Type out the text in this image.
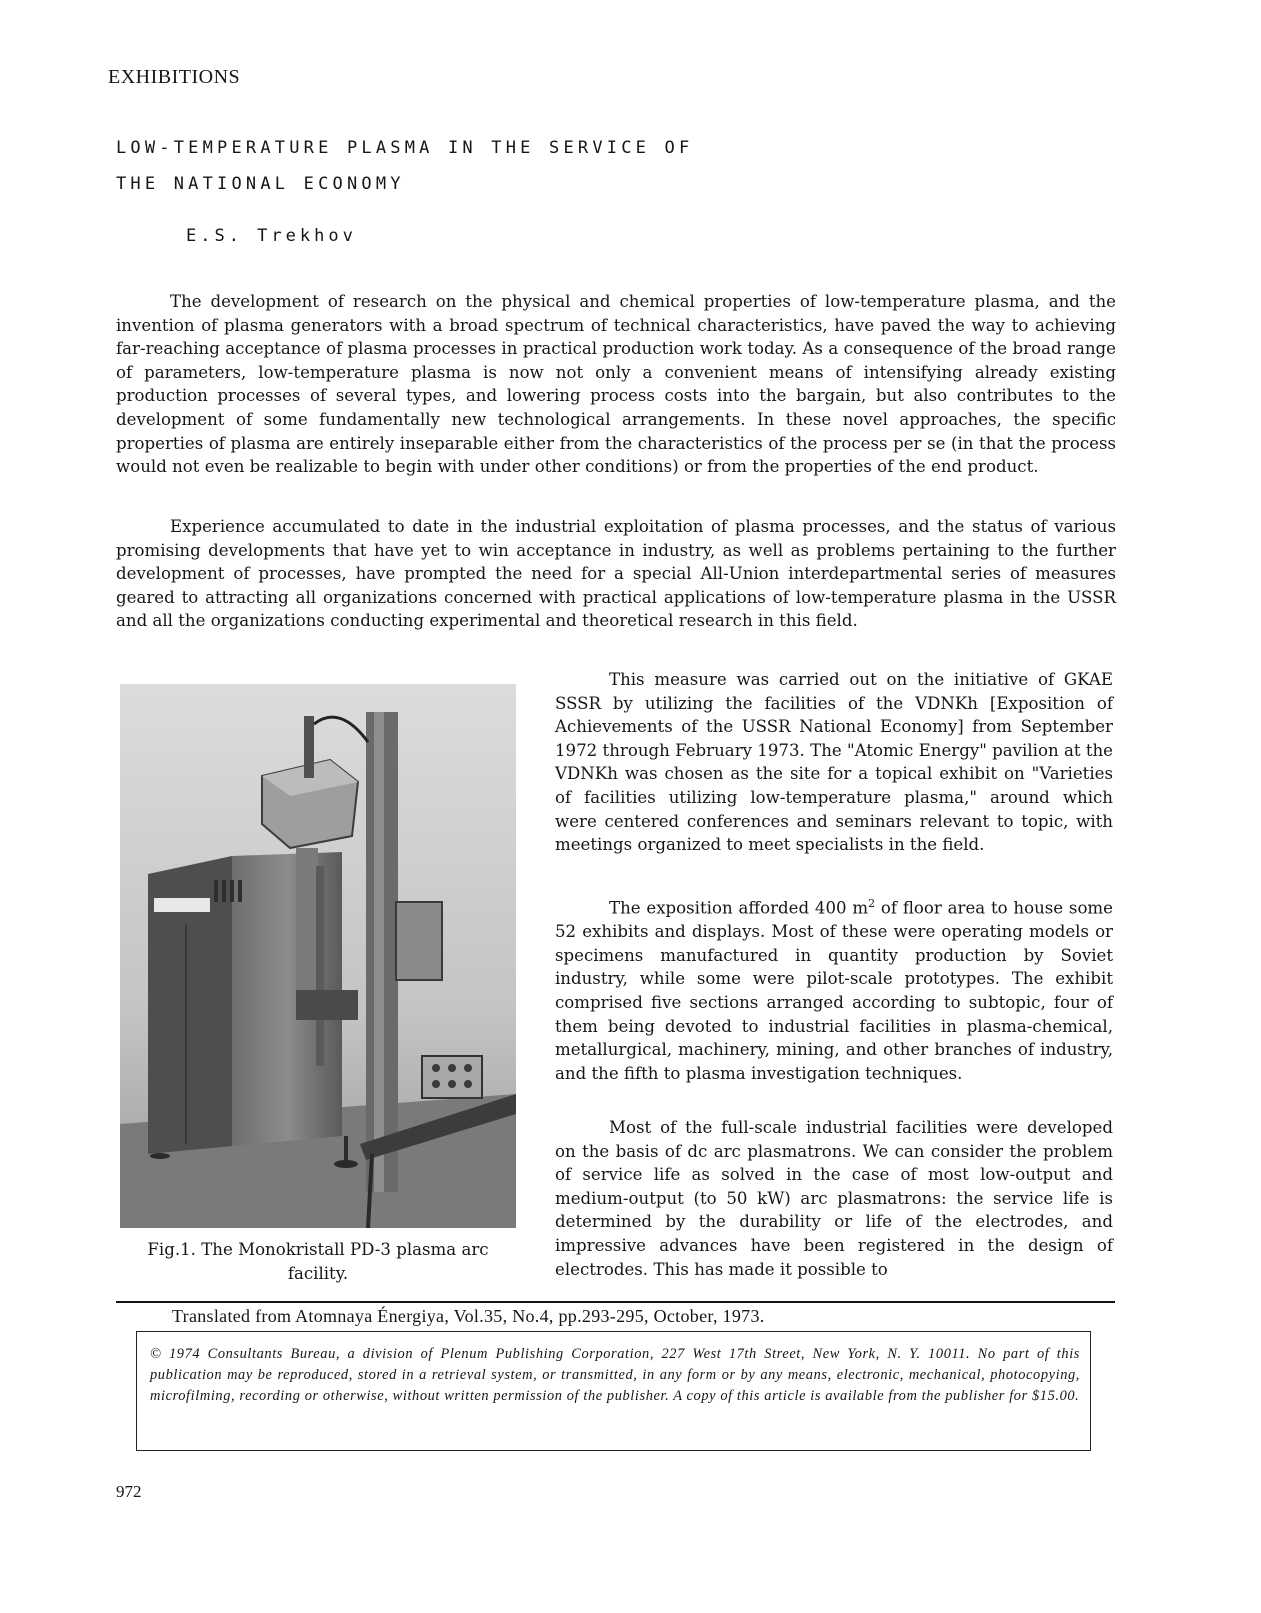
EXHIBITIONS
LOW-TEMPERATURE PLASMA IN THE SERVICE OF
THE NATIONAL ECONOMY
E.S. Trekhov

The development of research on the physical and chemical properties of low-temperature plasma, and the invention of plasma generators with a broad spectrum of technical characteristics, have paved the way to achieving far-reaching acceptance of plasma processes in practical production work today. As a consequence of the broad range of parameters, low-temperature plasma is now not only a convenient means of intensifying already existing production processes of several types, and lowering process costs into the bargain, but also contributes to the development of some fundamentally new technological arrangements. In these novel approaches, the specific properties of plasma are entirely inseparable either from the characteristics of the process per se (in that the process would not even be realizable to begin with under other conditions) or from the properties of the end product.

Experience accumulated to date in the industrial exploitation of plasma processes, and the status of various promising developments that have yet to win acceptance in industry, as well as problems pertaining to the further development of processes, have prompted the need for a special All-Union interdepartmental series of measures geared to attracting all organizations concerned with practical applications of low-temperature plasma in the USSR and all the organizations conducting experimental and theoretical research in this field.

Fig.1. The Monokristall PD-3 plasma arc
facility.

This measure was carried out on the initiative of GKAE SSSR by utilizing the facilities of the VDNKh [Exposition of Achievements of the USSR National Economy] from September 1972 through February 1973. The "Atomic Energy" pavilion at the VDNKh was chosen as the site for a topical exhibit on "Varieties of facilities utilizing low-temperature plasma," around which were centered conferences and seminars relevant to topic, with meetings organized to meet specialists in the field.

The exposition afforded 400 $m^2$ of floor area to house some 52 exhibits and displays. Most of these were operating models or specimens manufactured in quantity production by Soviet industry, while some were pilot-scale prototypes. The exhibit comprised five sections arranged according to subtopic, four of them being devoted to industrial facilities in plasma-chemical, metallurgical, machinery, mining, and other branches of industry, and the fifth to plasma investigation techniques.

Most of the full-scale industrial facilities were developed on the basis of dc arc plasmatrons. We can consider the problem of service life as solved in the case of most low-output and medium-output (to 50 kW) arc plasmatrons: the service life is determined by the durability or life of the electrodes, and impressive advances have been registered in the design of electrodes. This has made it possible to

Translated from Atomnaya Énergiya, Vol.35, No.4, pp.293-295, October, 1973.

© 1974 Consultants Bureau, a division of Plenum Publishing Corporation, 227 West 17th Street, New York, N. Y. 10011. No part of this publication may be reproduced, stored in a retrieval system, or transmitted, in any form or by any means, electronic, mechanical, photocopying, microfilming, recording or otherwise, without written permission of the publisher. A copy of this article is available from the publisher for $15.00.

972
